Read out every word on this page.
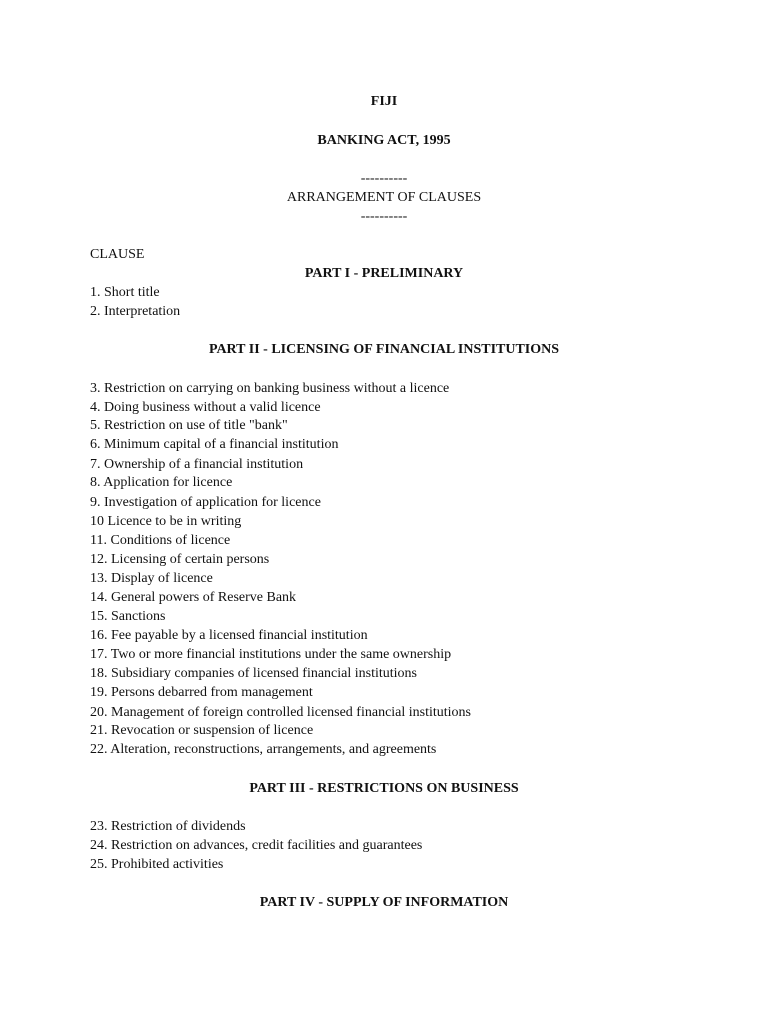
FIJI
BANKING ACT, 1995
----------
ARRANGEMENT OF CLAUSES
----------
CLAUSE
PART I - PRELIMINARY
1. Short title
2. Interpretation
PART II - LICENSING OF FINANCIAL INSTITUTIONS
3. Restriction on carrying on banking business without a licence
4. Doing business without a valid licence
5. Restriction on use of title "bank"
6. Minimum capital of a financial institution
7. Ownership of a financial institution
8. Application for licence
9. Investigation of application for licence
10 Licence to be in writing
11. Conditions of licence
12. Licensing of certain persons
13. Display of licence
14. General powers of Reserve Bank
15. Sanctions
16. Fee payable by a licensed financial institution
17. Two or more financial institutions under the same ownership
18. Subsidiary companies of licensed financial institutions
19. Persons debarred from management
20. Management of foreign controlled licensed financial institutions
21. Revocation or suspension of licence
22. Alteration, reconstructions, arrangements, and agreements
PART III - RESTRICTIONS ON BUSINESS
23. Restriction of dividends
24. Restriction on advances, credit facilities and guarantees
25. Prohibited activities
PART IV - SUPPLY OF INFORMATION
